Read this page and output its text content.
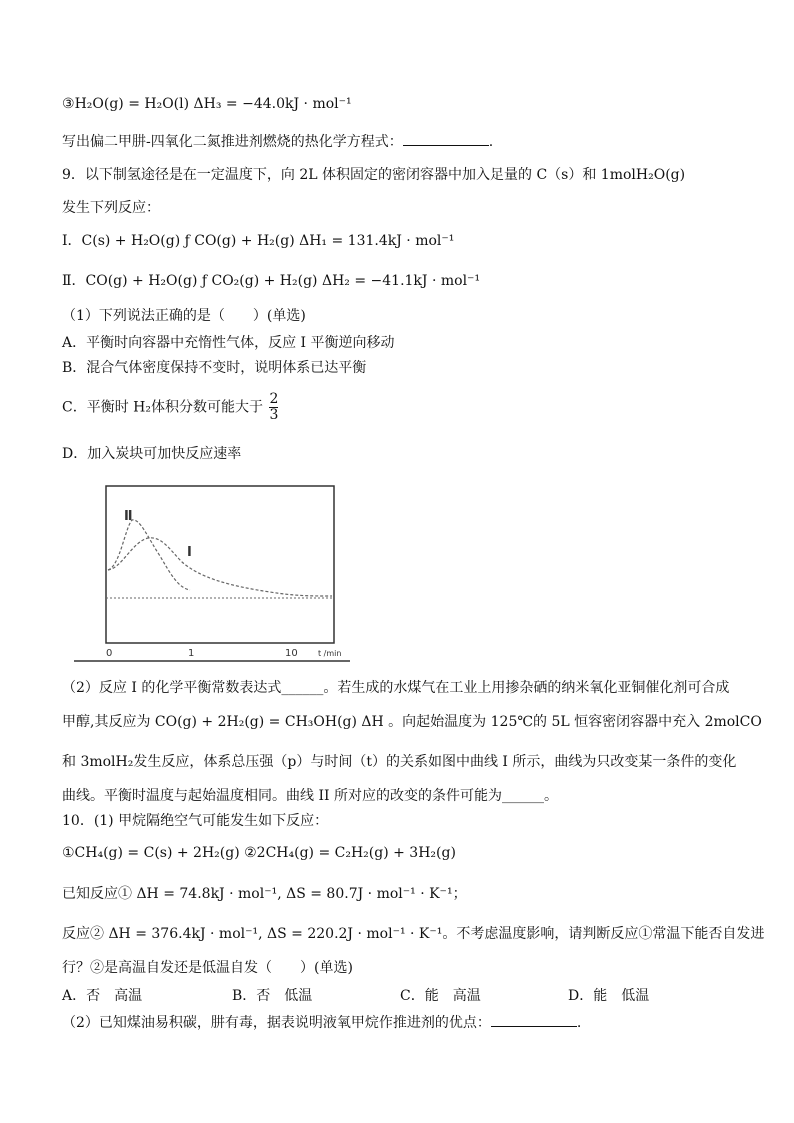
③H₂O(g) = H₂O(l) ΔH₃ = −44.0kJ · mol⁻¹
写出偏二甲肼-四氧化二氮推进剂燃烧的热化学方程式：	.
9．以下制氢途径是在一定温度下，向 2L 体积固定的密闭容器中加入足量的 C（s）和 1molH₂O(g)
发生下列反应：
Ⅰ．C(s) + H₂O(g) ƒ CO(g) + H₂(g) ΔH₁ = 131.4kJ · mol⁻¹
Ⅱ．CO(g) + H₂O(g) ƒ CO₂(g) + H₂(g) ΔH₂ = −41.1kJ · mol⁻¹
（1）下列说法正确的是（　　）(单选)
A．平衡时向容器中充惰性气体，反应 I 平衡逆向移动
B．混合气体密度保持不变时，说明体系已达平衡
C．平衡时 H₂体积分数可能大于 $\frac{2}{3}$
D．加入炭块可加快反应速率
Ⅱ
I
0	1	10	t /min
（2）反应 I 的化学平衡常数表达式______。若生成的水煤气在工业上用掺杂硒的纳米氧化亚铜催化剂可合成
甲醇,其反应为 CO(g) + 2H₂(g) = CH₃OH(g) ΔH 。向起始温度为 125℃的 5L 恒容密闭容器中充入 2molCO
和 3molH₂发生反应，体系总压强（p）与时间（t）的关系如图中曲线 I 所示，曲线为只改变某一条件的变化
曲线。平衡时温度与起始温度相同。曲线 II 所对应的改变的条件可能为______。
10．(1) 甲烷隔绝空气可能发生如下反应：
①CH₄(g) = C(s) + 2H₂(g) ②2CH₄(g) = C₂H₂(g) + 3H₂(g)
已知反应① ΔH = 74.8kJ · mol⁻¹, ΔS = 80.7J · mol⁻¹ · K⁻¹；
反应② ΔH = 376.4kJ · mol⁻¹, ΔS = 220.2J · mol⁻¹ · K⁻¹。不考虑温度影响，请判断反应①常温下能否自发进
行？②是高温自发还是低温自发（　　）(单选)
A．否　高温	B．否　低温	C．能　高温	D．能　低温
（2）已知煤油易积碳，肼有毒，据表说明液氧甲烷作推进剂的优点：	.
